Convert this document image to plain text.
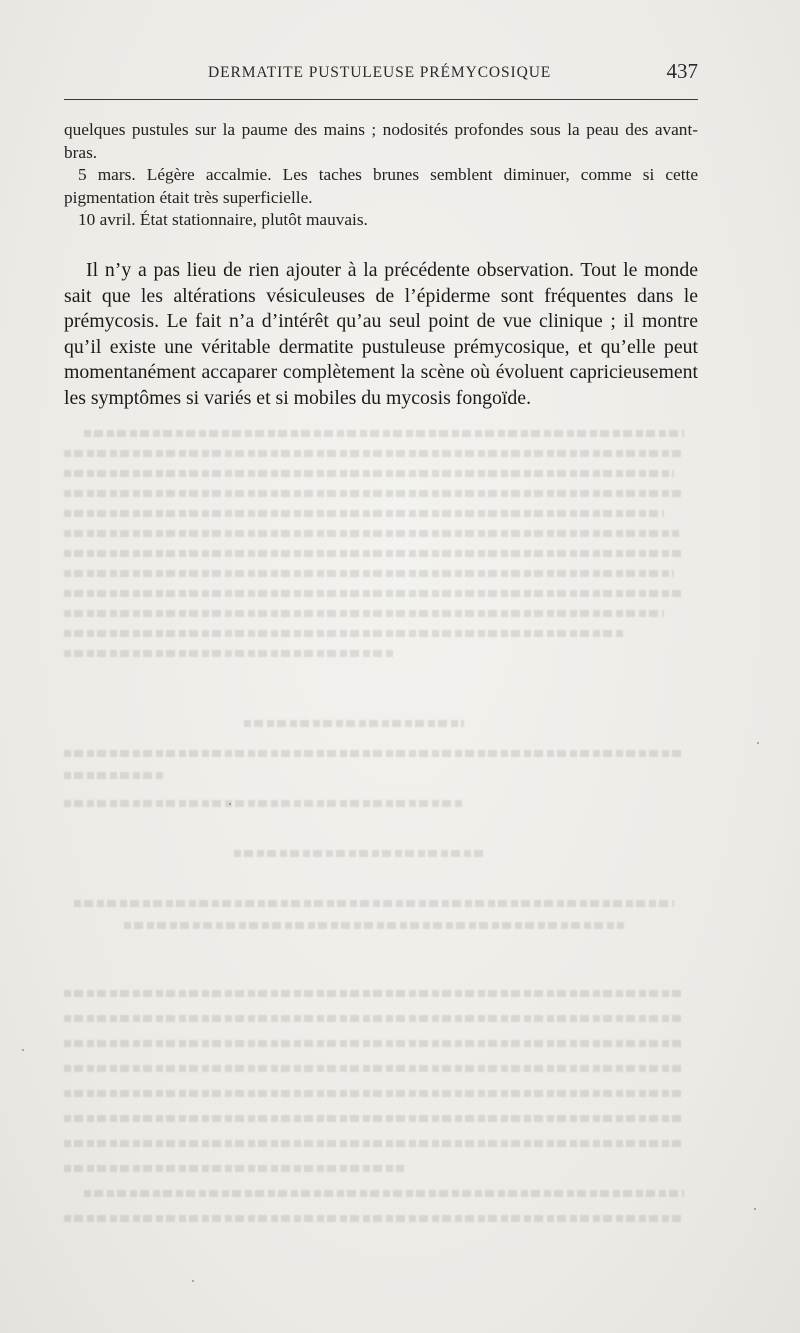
DERMATITE PUSTULEUSE PRÉMYCOSIQUE	437

quelques pustules sur la paume des mains ; nodosités profondes sous la peau des avant-bras.

5 mars. Légère accalmie. Les taches brunes semblent diminuer, comme si cette pigmentation était très superficielle.

10 avril. État stationnaire, plutôt mauvais.

Il n’y a pas lieu de rien ajouter à la précédente observation. Tout le monde sait que les altérations vésiculeuses de l’épiderme sont fréquentes dans le prémycosis. Le fait n’a d’intérêt qu’au seul point de vue clinique ; il montre qu’il existe une véritable dermatite pustuleuse prémycosique, et qu’elle peut momentanément accaparer complètement la scène où évoluent capricieusement les symptômes si variés et si mobiles du mycosis fongoïde.
